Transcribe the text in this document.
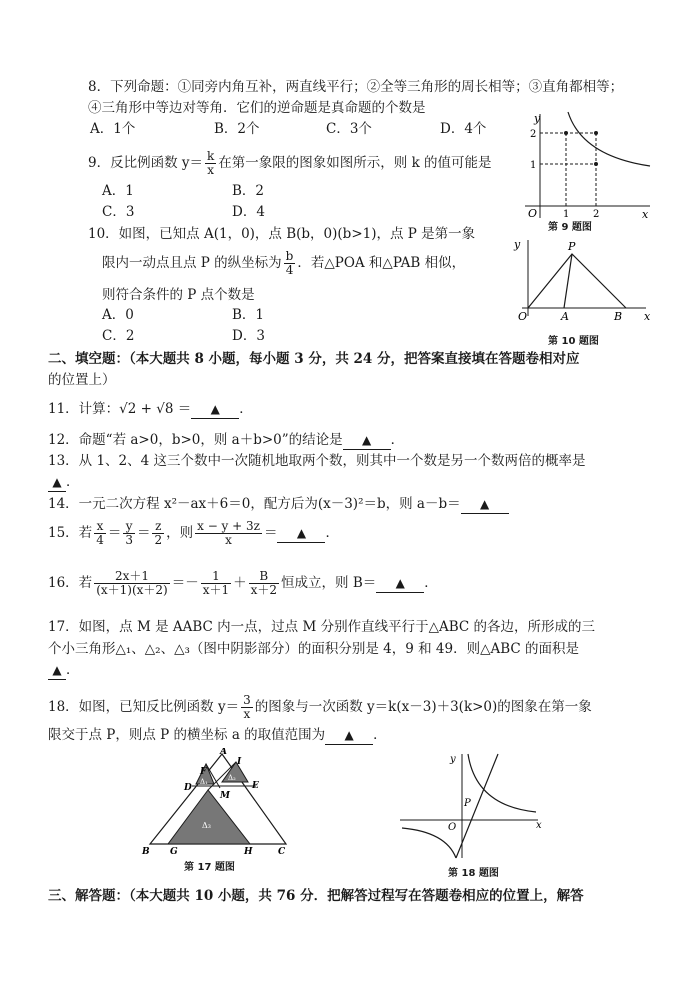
8．下列命题：①同旁内角互补，两直线平行；②全等三角形的周长相等；③直角都相等；
④三角形中等边对等角．它们的逆命题是真命题的个数是
A．1个	B．2个	C．3个	D．4个
9．反比例函数 $y= \frac{k}{x}$ 在第一象限的图象如图所示，则 k 的值可能是
A．1	B．2
C．3	D．4
y
x
O
2
1
1 2
第 9 题图
10．如图，已知点 A(1，0)，点 B(b，0)(b>1)，点 P 是第一象
限内一动点且点 P 的纵坐标为 $\frac{b}{4}$ ．若△POA 和△PAB 相似，
则符合条件的 P 点个数是
A．0	B．1
C．2	D．3
y	P
O	A	B x
第 10 题图
二、填空题：（本大题共 8 小题，每小题 3 分，共 24 分，把答案直接填在答题卷相对应
的位置上）
11．计算：√2 + √8 ＝ ▲ ．
12．命题“若 a>0，b>0，则 a＋b>0”的结论是 ▲ ．
13．从 1、2、4 这三个数中一次随机地取两个数，则其中一个数是另一个数两倍的概率是
▲ ．
14．一元二次方程 x²－ax＋6＝0，配方后为(x－3)²＝b，则 a－b＝ ▲
15．若 $\frac{x}{4} = \frac{y}{3} = \frac{z}{2}$ ，则 $\frac{x - y + 3z}{x}$ ＝ ▲ ．
16．若 $\frac{2x+1}{(x+1)(x+2)} =- \frac{1}{x+1} + \frac{B}{x+2}$ 恒成立，则 B＝ ▲ ．
17．如图，点 M 是 AABC 内一点，过点 M 分别作直线平行于△ABC 的各边，所形成的三
个小三角形△₁、△₂、△₃（图中阴影部分）的面积分别是 4，9 和 49．则△ABC 的面积是
▲ ．
18．如图，已知反比例函数 $y= \frac{3}{x}$ 的图象与一次函数 y＝k(x－3)＋3(k>0)的图象在第一象
限交于点 P，则点 P 的横坐标 a 的取值范围为 ▲ ．
A
B	C
D	E
F
I
M
G	H
Δ₁	Δ₂
Δ₃
第 17 题图
y
x
O
P
第 18 题图
三、解答题：（本大题共 10 小题，共 76 分．把解答过程写在答题卷相应的位置上，解答
